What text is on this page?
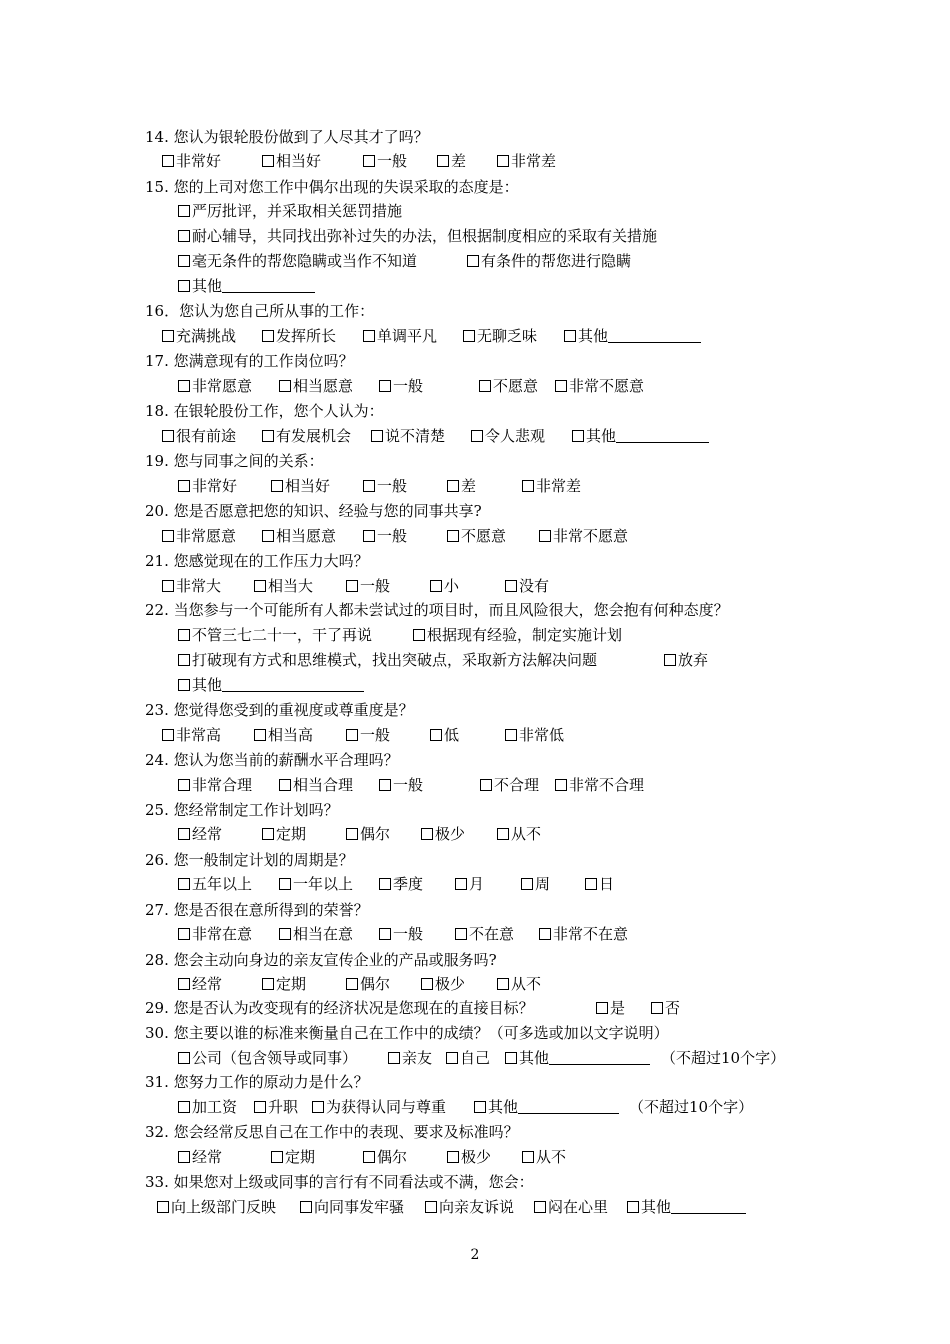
14. 您认为银轮股份做到了人尽其才了吗？
非常好	相当好	一般	差	非常差
15. 您的上司对您工作中偶尔出现的失误采取的态度是：
严厉批评，并采取相关惩罚措施
耐心辅导，共同找出弥补过失的办法，但根据制度相应的采取有关措施
毫无条件的帮您隐瞒或当作不知道	有条件的帮您进行隐瞒
其他
16．您认为您自己所从事的工作：
充满挑战	发挥所长	单调平凡	无聊乏味	其他
17. 您满意现有的工作岗位吗？
非常愿意	相当愿意	一般	不愿意	非常不愿意
18. 在银轮股份工作，您个人认为：
很有前途	有发展机会	说不清楚	令人悲观	其他
19. 您与同事之间的关系：
非常好	相当好	一般	差	非常差
20. 您是否愿意把您的知识、经验与您的同事共享?
非常愿意	相当愿意	一般	不愿意	非常不愿意
21. 您感觉现在的工作压力大吗？
非常大	相当大	一般	小	没有
22. 当您参与一个可能所有人都未尝试过的项目时，而且风险很大，您会抱有何种态度？
不管三七二十一，干了再说	根据现有经验，制定实施计划
打破现有方式和思维模式，找出突破点，采取新方法解决问题	放弃
其他
23. 您觉得您受到的重视度或尊重度是？
非常高	相当高	一般	低	非常低
24. 您认为您当前的薪酬水平合理吗？
非常合理	相当合理	一般	不合理	非常不合理
25. 您经常制定工作计划吗？
经常	定期	偶尔	极少	从不
26. 您一般制定计划的周期是？
五年以上	一年以上	季度	月	周	日
27. 您是否很在意所得到的荣誉？
非常在意	相当在意	一般	不在意	非常不在意
28. 您会主动向身边的亲友宣传企业的产品或服务吗?
经常	定期	偶尔	极少	从不
29. 您是否认为改变现有的经济状况是您现在的直接目标？	是	否
30. 您主要以谁的标准来衡量自己在工作中的成绩？（可多选或加以文字说明）
公司（包含领导或同事）	亲友	自己	其他	（不超过10个字）
31. 您努力工作的原动力是什么？
加工资	升职	为获得认同与尊重	其他	（不超过10个字）
32. 您会经常反思自己在工作中的表现、要求及标准吗？
经常	定期	偶尔	极少	从不
33. 如果您对上级或同事的言行有不同看法或不满，您会：
向上级部门反映	向同事发牢骚	向亲友诉说	闷在心里	其他
2
